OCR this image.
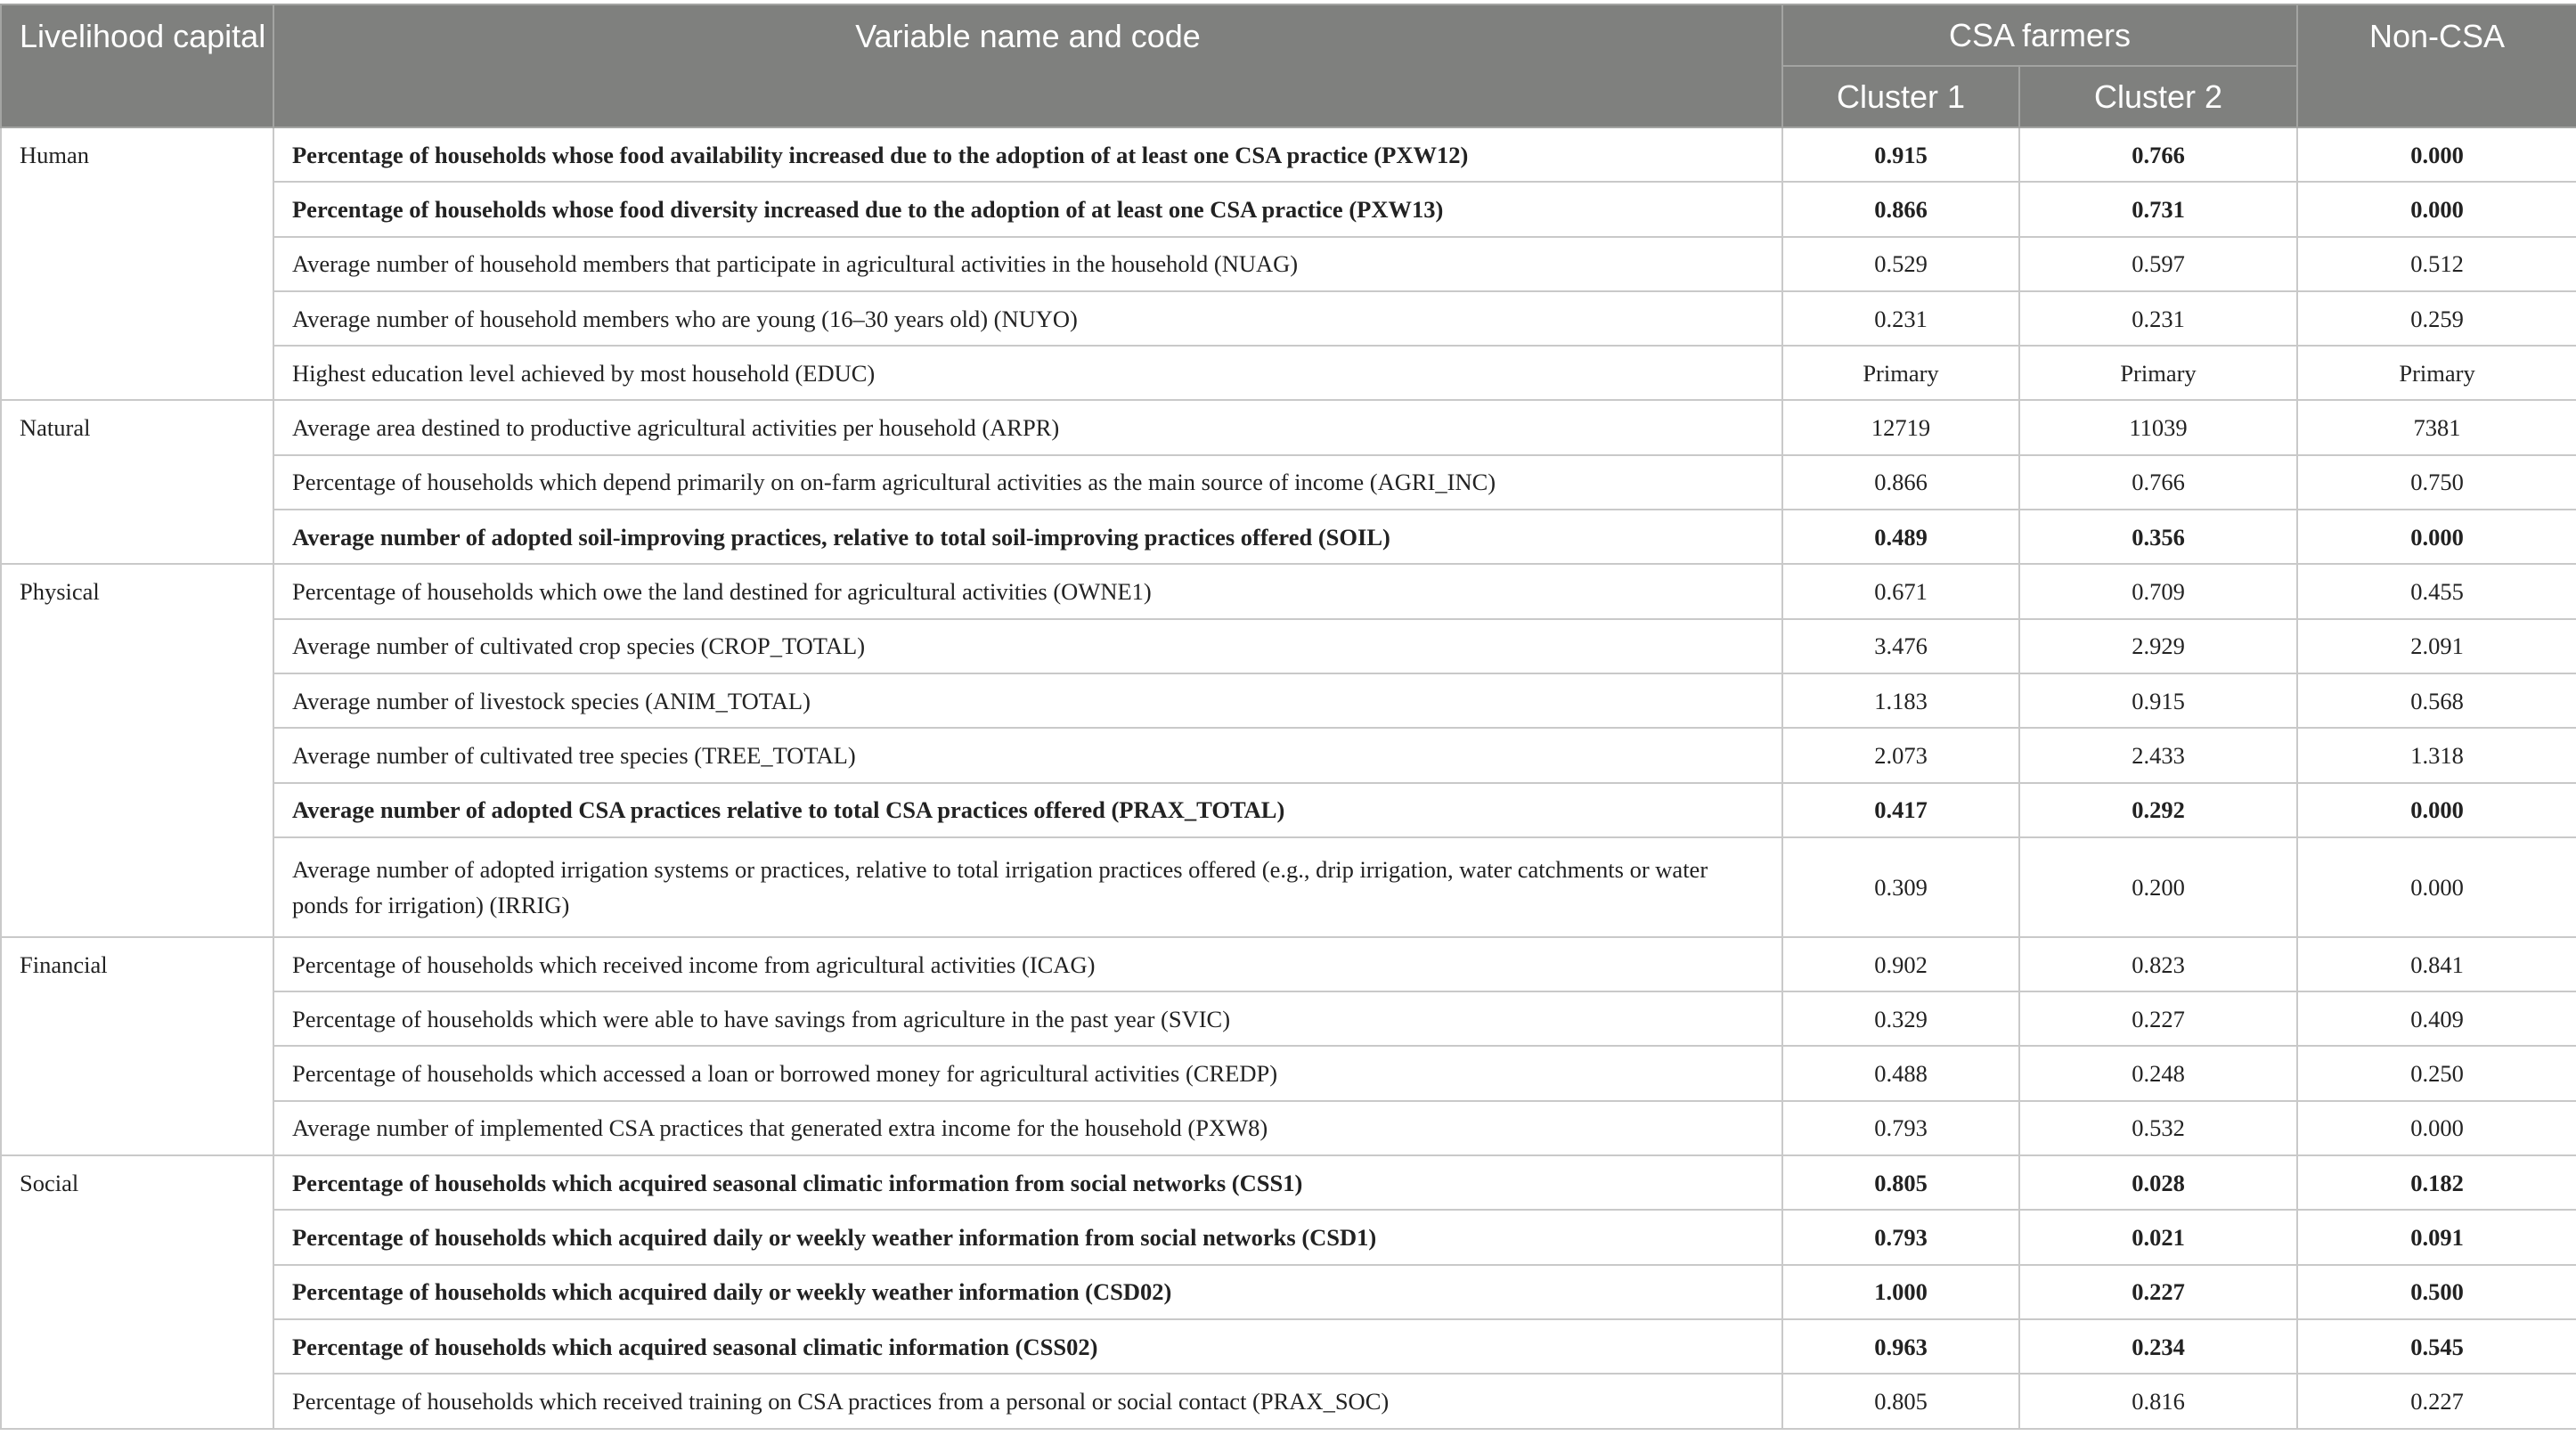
Livelihood capital	Variable name and code	CSA farmers		Non-CSA
		Cluster 1	Cluster 2	
Human	Percentage of households whose food availability increased due to the adoption of at least one CSA practice (PXW12)	0.915	0.766	0.000
	Percentage of households whose food diversity increased due to the adoption of at least one CSA practice (PXW13)	0.866	0.731	0.000
	Average number of household members that participate in agricultural activities in the household (NUAG)	0.529	0.597	0.512
	Average number of household members who are young (16–30 years old) (NUYO)	0.231	0.231	0.259
	Highest education level achieved by most household (EDUC)	Primary	Primary	Primary
Natural	Average area destined to productive agricultural activities per household (ARPR)	12719	11039	7381
	Percentage of households which depend primarily on on-farm agricultural activities as the main source of income (AGRI_INC)	0.866	0.766	0.750
	Average number of adopted soil-improving practices, relative to total soil-improving practices offered (SOIL)	0.489	0.356	0.000
Physical	Percentage of households which owe the land destined for agricultural activities (OWNE1)	0.671	0.709	0.455
	Average number of cultivated crop species (CROP_TOTAL)	3.476	2.929	2.091
	Average number of livestock species (ANIM_TOTAL)	1.183	0.915	0.568
	Average number of cultivated tree species (TREE_TOTAL)	2.073	2.433	1.318
	Average number of adopted CSA practices relative to total CSA practices offered (PRAX_TOTAL)	0.417	0.292	0.000
	Average number of adopted irrigation systems or practices, relative to total irrigation practices offered (e.g., drip irrigation, water catchments or water ponds for irrigation) (IRRIG)	0.309	0.200	0.000
Financial	Percentage of households which received income from agricultural activities (ICAG)	0.902	0.823	0.841
	Percentage of households which were able to have savings from agriculture in the past year (SVIC)	0.329	0.227	0.409
	Percentage of households which accessed a loan or borrowed money for agricultural activities (CREDP)	0.488	0.248	0.250
	Average number of implemented CSA practices that generated extra income for the household (PXW8)	0.793	0.532	0.000
Social	Percentage of households which acquired seasonal climatic information from social networks (CSS1)	0.805	0.028	0.182
	Percentage of households which acquired daily or weekly weather information from social networks (CSD1)	0.793	0.021	0.091
	Percentage of households which acquired daily or weekly weather information (CSD02)	1.000	0.227	0.500
	Percentage of households which acquired seasonal climatic information (CSS02)	0.963	0.234	0.545
	Percentage of households which received training on CSA practices from a personal or social contact (PRAX_SOC)	0.805	0.816	0.227
